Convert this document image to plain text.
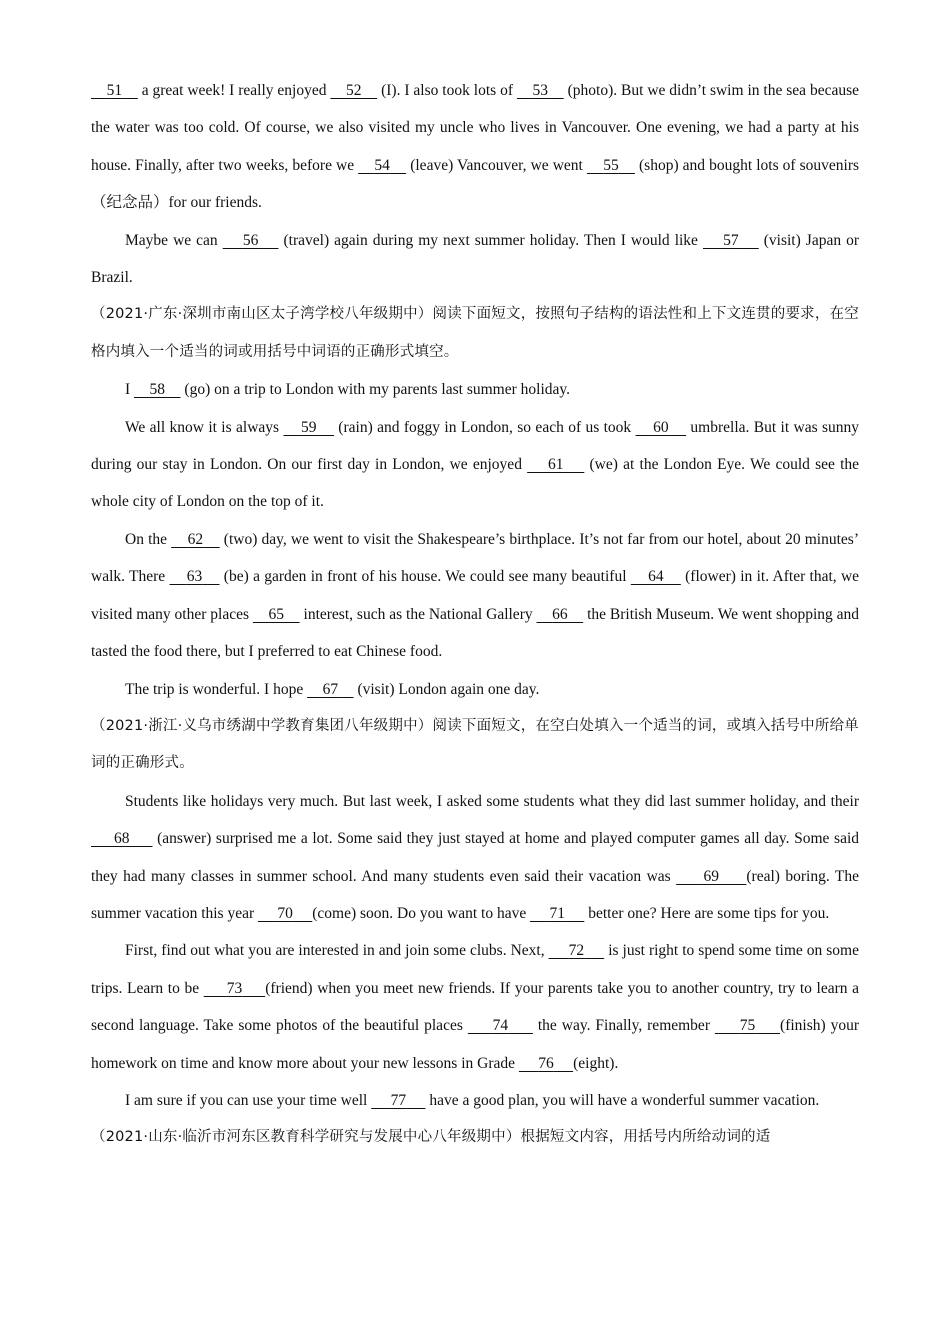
51     a great week! I really enjoyed     52     (I). I also took lots of     53     (photo). But we didn’t swim in the sea because the water was too cold. Of course, we also visited my uncle who lives in Vancouver. One evening, we had a party at his house. Finally, after two weeks, before we     54     (leave) Vancouver, we went     55     (shop) and bought lots of souvenirs（纪念品）for our friends.

Maybe we can     56     (travel) again during my next summer holiday. Then I would like     57     (visit) Japan or Brazil.

（2021·广东·深圳市南山区太子湾学校八年级期中）阅读下面短文，按照句子结构的语法性和上下文连贯的要求，在空格内填入一个适当的词或用括号中词语的正确形式填空。

I     58     (go) on a trip to London with my parents last summer holiday.

We all know it is always     59     (rain) and foggy in London, so each of us took     60     umbrella. But it was sunny during our stay in London. On our first day in London, we enjoyed     61     (we) at the London Eye. We could see the whole city of London on the top of it.

On the     62     (two) day, we went to visit the Shakespeare’s birthplace. It’s not far from our hotel, about 20 minutes’ walk. There     63     (be) a garden in front of his house. We could see many beautiful     64     (flower) in it. After that, we visited many other places     65     interest, such as the National Gallery     66     the British Museum. We went shopping and tasted the food there, but I preferred to eat Chinese food.

The trip is wonderful. I hope     67     (visit) London again one day.

（2021·浙江·义乌市绣湖中学教育集团八年级期中）阅读下面短文，在空白处填入一个适当的词，或填入括号中所给单词的正确形式。

Students like holidays very much. But last week, I asked some students what they did last summer holiday, and their      68      (answer) surprised me a lot. Some said they just stayed at home and played computer games all day. Some said they had many classes in summer school. And many students even said their vacation was      69 (real) boring. The summer vacation this year      70 (come) soon. Do you want to have      71      better one? Here are some tips for you.

First, find out what you are interested in and join some clubs. Next,      72      is just right to spend some time on some trips. Learn to be      73 (friend) when you meet new friends. If your parents take you to another country, try to learn a second language. Take some photos of the beautiful places      74      the way. Finally, remember      75 (finish) your homework on time and know more about your new lessons in Grade      76 (eight).

I am sure if you can use your time well      77      have a good plan, you will have a wonderful summer vacation.

（2021·山东·临沂市河东区教育科学研究与发展中心八年级期中）根据短文内容，用括号内所给动词的适
